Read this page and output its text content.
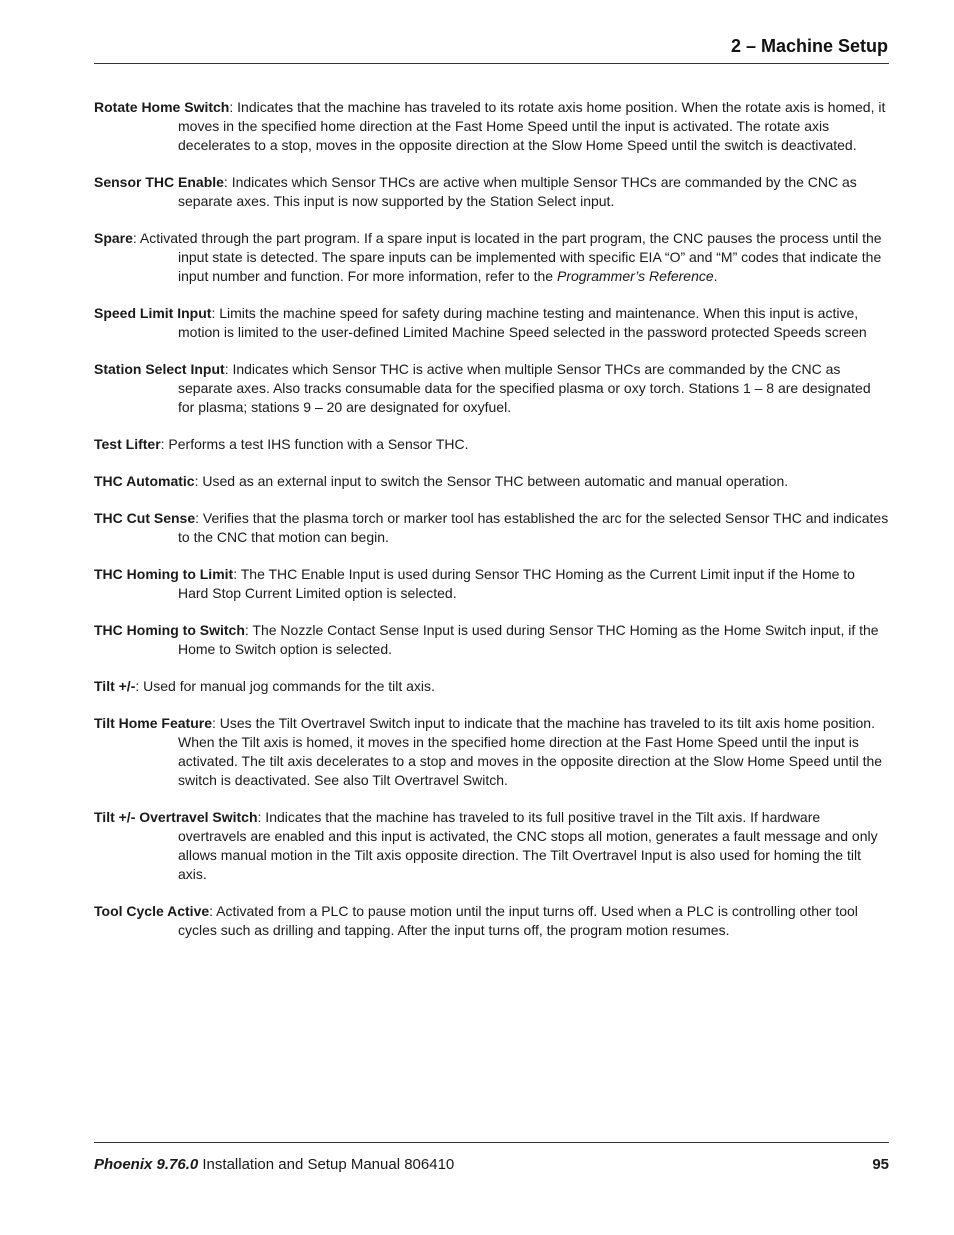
2 – Machine Setup

Rotate Home Switch: Indicates that the machine has traveled to its rotate axis home position. When the rotate axis is homed, it moves in the specified home direction at the Fast Home Speed until the input is activated. The rotate axis decelerates to a stop, moves in the opposite direction at the Slow Home Speed until the switch is deactivated.

Sensor THC Enable: Indicates which Sensor THCs are active when multiple Sensor THCs are commanded by the CNC as separate axes. This input is now supported by the Station Select input.

Spare: Activated through the part program. If a spare input is located in the part program, the CNC pauses the process until the input state is detected. The spare inputs can be implemented with specific EIA “O” and “M” codes that indicate the input number and function. For more information, refer to the Programmer’s Reference.

Speed Limit Input: Limits the machine speed for safety during machine testing and maintenance. When this input is active, motion is limited to the user-defined Limited Machine Speed selected in the password protected Speeds screen

Station Select Input: Indicates which Sensor THC is active when multiple Sensor THCs are commanded by the CNC as separate axes. Also tracks consumable data for the specified plasma or oxy torch. Stations 1 – 8 are designated for plasma; stations 9 – 20 are designated for oxyfuel.

Test Lifter: Performs a test IHS function with a Sensor THC.

THC Automatic: Used as an external input to switch the Sensor THC between automatic and manual operation.

THC Cut Sense: Verifies that the plasma torch or marker tool has established the arc for the selected Sensor THC and indicates to the CNC that motion can begin.

THC Homing to Limit: The THC Enable Input is used during Sensor THC Homing as the Current Limit input if the Home to Hard Stop Current Limited option is selected.

THC Homing to Switch: The Nozzle Contact Sense Input is used during Sensor THC Homing as the Home Switch input, if the Home to Switch option is selected.

Tilt +/-: Used for manual jog commands for the tilt axis.

Tilt Home Feature: Uses the Tilt Overtravel Switch input to indicate that the machine has traveled to its tilt axis home position. When the Tilt axis is homed, it moves in the specified home direction at the Fast Home Speed until the input is activated. The tilt axis decelerates to a stop and moves in the opposite direction at the Slow Home Speed until the switch is deactivated. See also Tilt Overtravel Switch.

Tilt +/- Overtravel Switch: Indicates that the machine has traveled to its full positive travel in the Tilt axis. If hardware overtravels are enabled and this input is activated, the CNC stops all motion, generates a fault message and only allows manual motion in the Tilt axis opposite direction. The Tilt Overtravel Input is also used for homing the tilt axis.

Tool Cycle Active: Activated from a PLC to pause motion until the input turns off. Used when a PLC is controlling other tool cycles such as drilling and tapping. After the input turns off, the program motion resumes.

Phoenix 9.76.0 Installation and Setup Manual 806410	95
